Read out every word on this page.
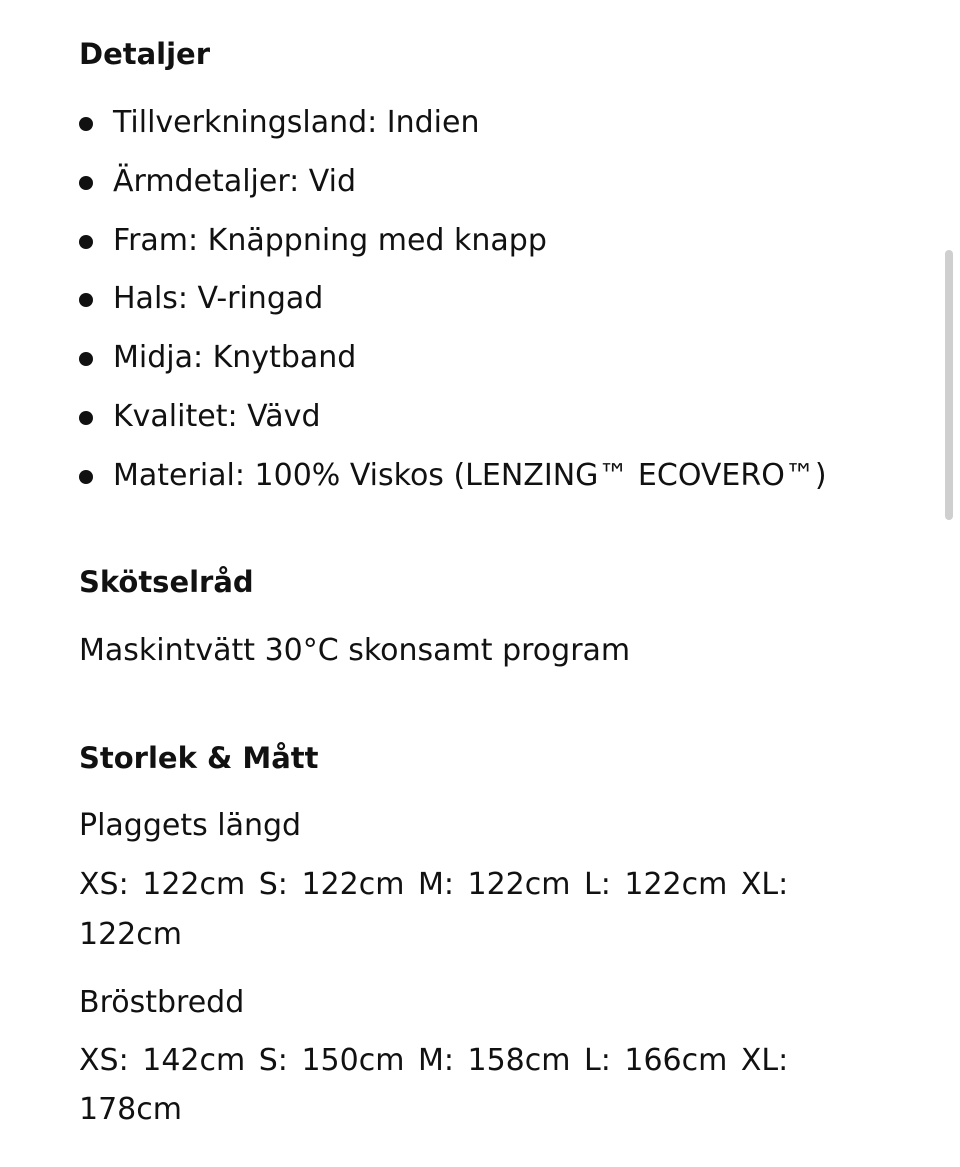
Detaljer
Tillverkningsland: Indien
Ärmdetaljer: Vid
Fram: Knäppning med knapp
Hals: V-ringad
Midja: Knytband
Kvalitet: Vävd
Material: 100% Viskos (LENZING™ ECOVERO™)
Skötselråd

Maskintvätt 30°C skonsamt program

Storlek & Mått

Plaggets längd

XS: 122cm S: 122cm M: 122cm L: 122cm XL:

122cm

Bröstbredd

XS: 142cm S: 150cm M: 158cm L: 166cm XL:

178cm
